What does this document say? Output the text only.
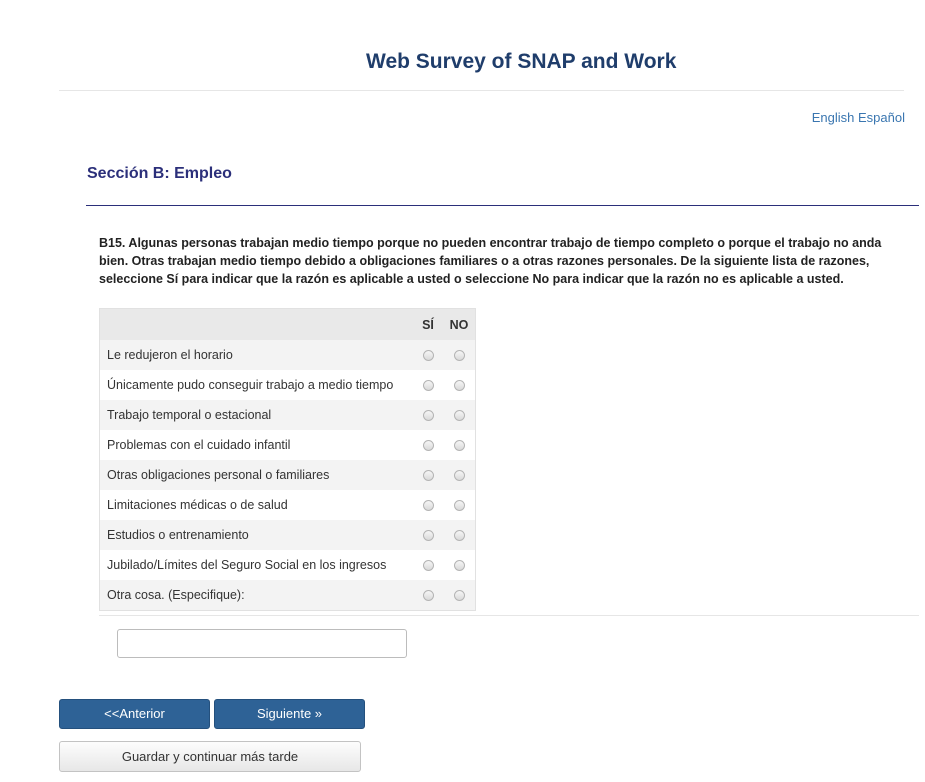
Web Survey of SNAP and Work
English Español
Sección B: Empleo

B15. Algunas personas trabajan medio tiempo porque no pueden encontrar trabajo de tiempo completo o porque el trabajo no anda bien. Otras trabajan medio tiempo debido a obligaciones familiares o a otras razones personales. De la siguiente lista de razones, seleccione Sí para indicar que la razón es aplicable a usted o seleccione No para indicar que la razón no es aplicable a usted.

	SÍ	NO
Le redujeron el horario		
Únicamente pudo conseguir trabajo a medio tiempo		
Trabajo temporal o estacional		
Problemas con el cuidado infantil		
Otras obligaciones personal o familiares		
Limitaciones médicas o de salud		
Estudios o entrenamiento		
Jubilado/Límites del Seguro Social en los ingresos		
Otra cosa. (Especifique):		
<<Anterior	Siguiente »
Guardar y continuar más tarde
